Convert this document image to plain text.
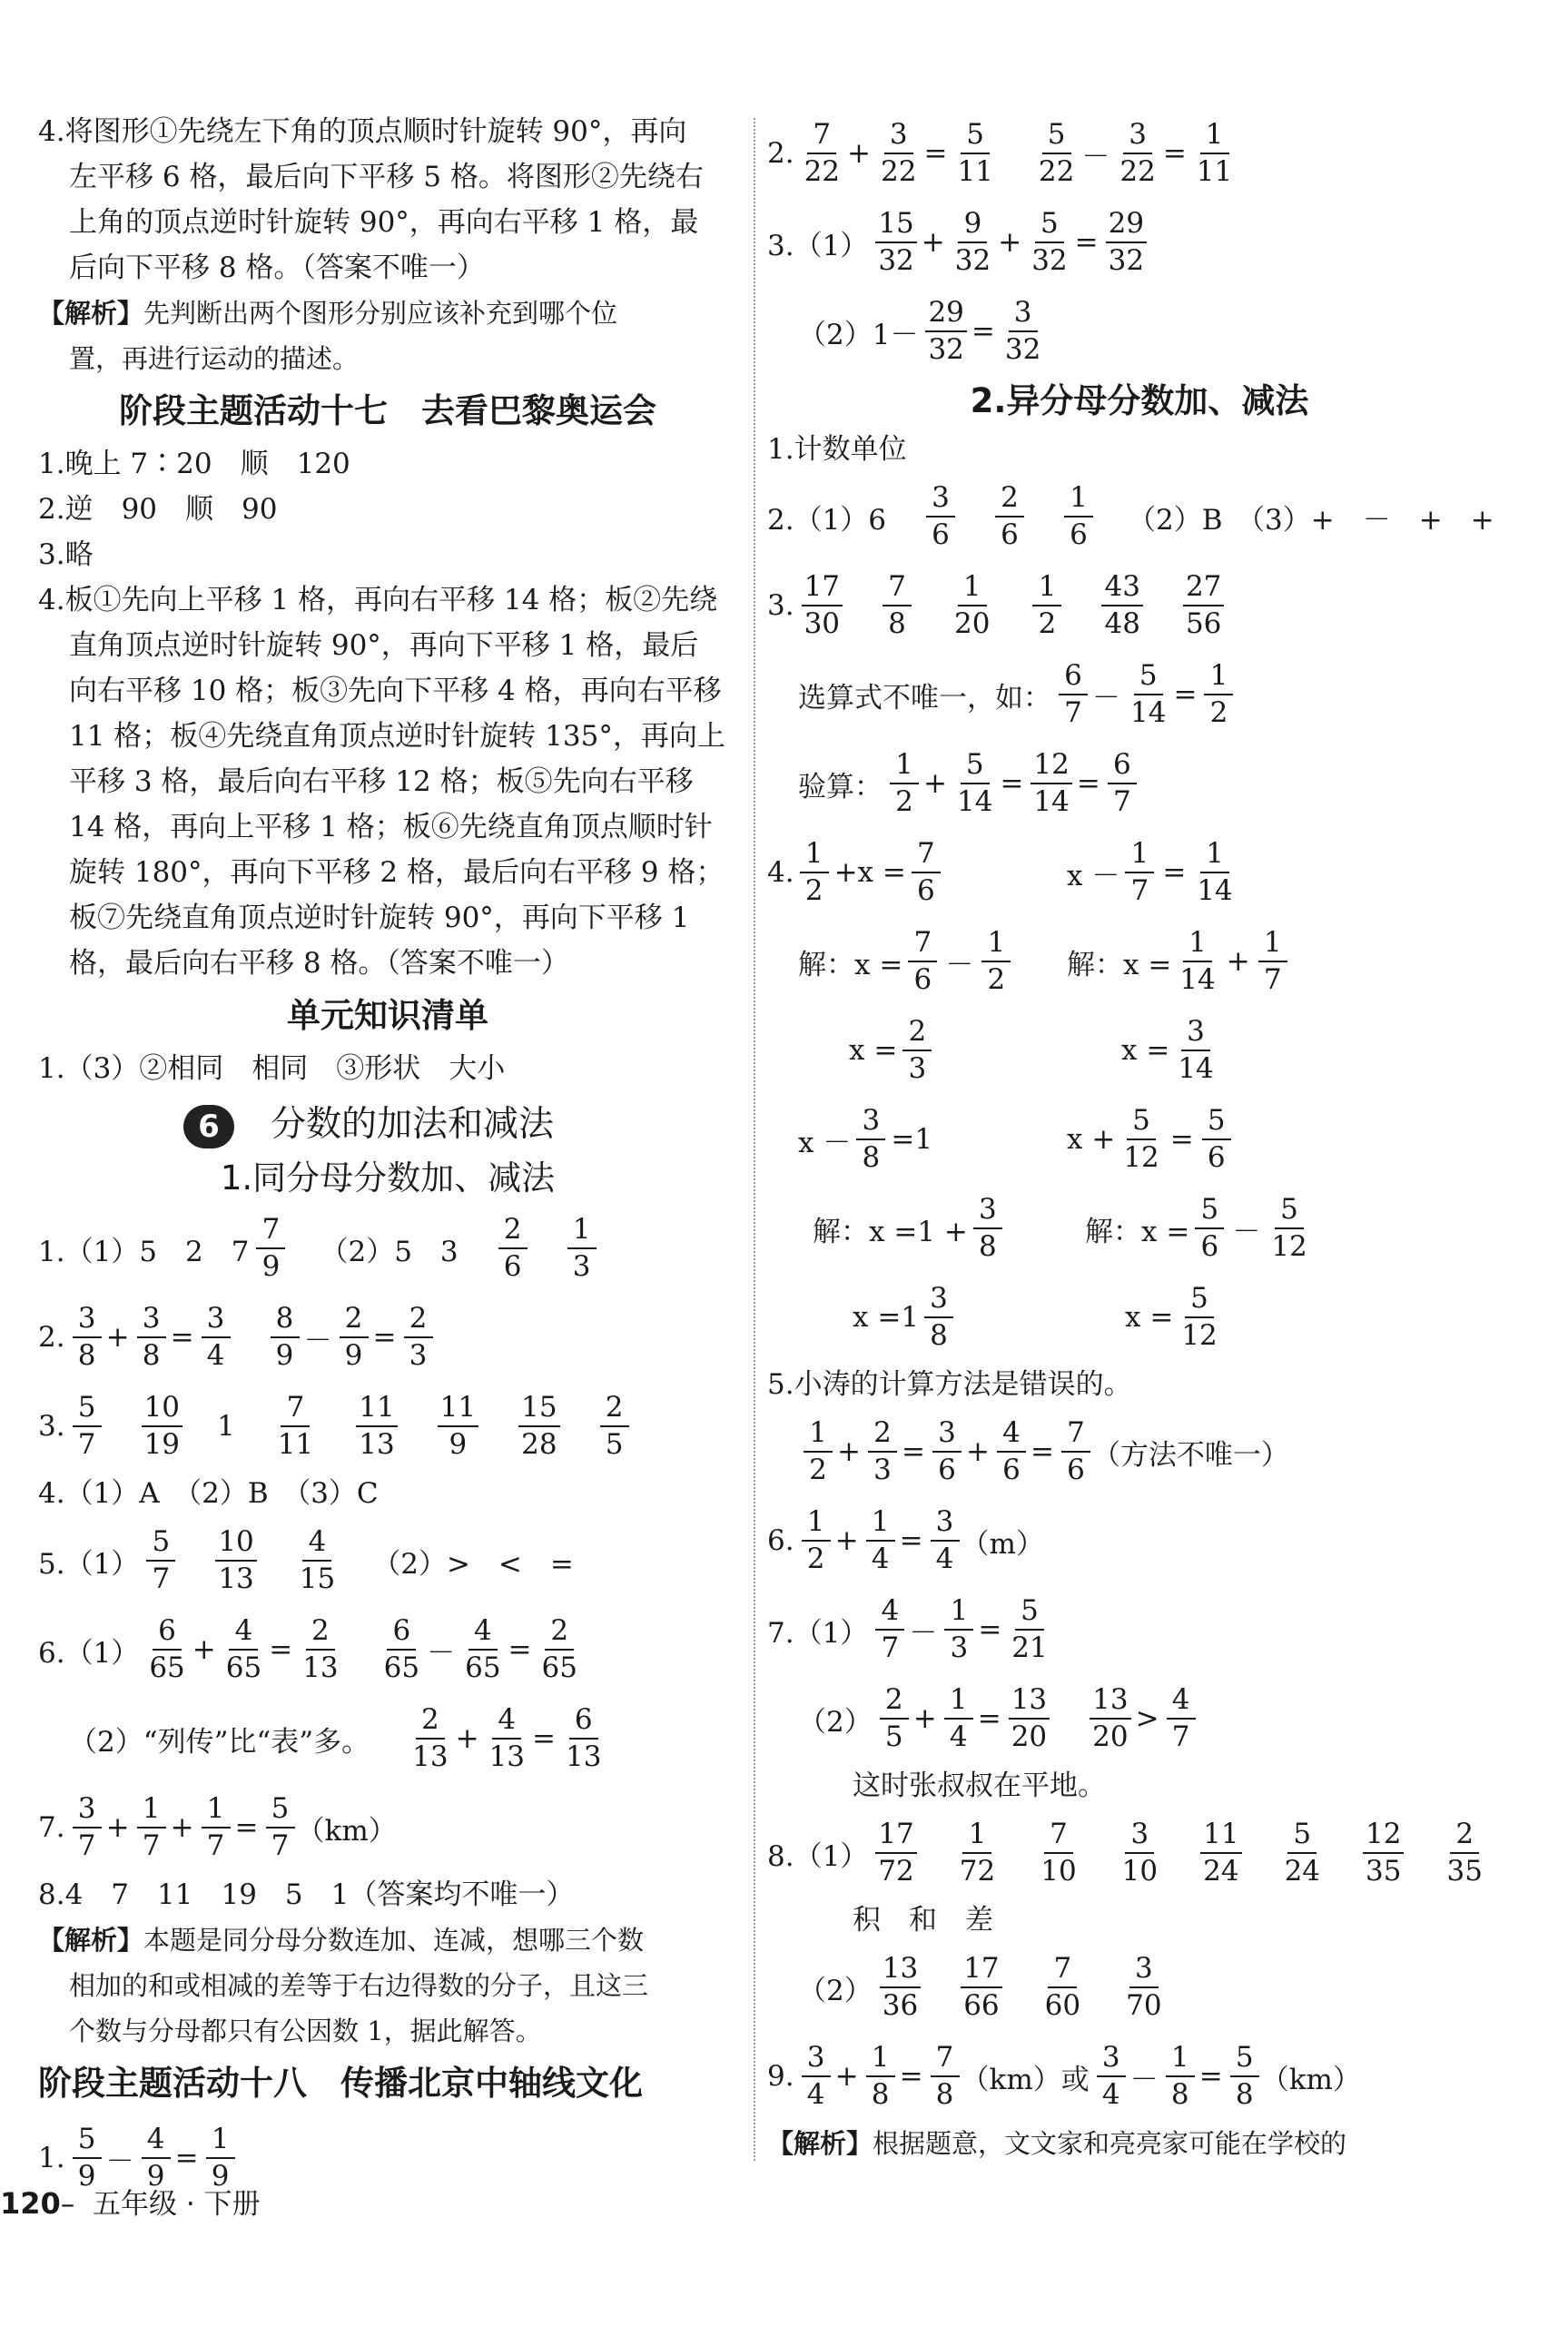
4.将图形①先绕左下角的顶点顺时针旋转 90°，再向
左平移 6 格，最后向下平移 5 格。将图形②先绕右
上角的顶点逆时针旋转 90°，再向右平移 1 格，最
后向下平移 8 格。（答案不唯一）
【解析】先判断出两个图形分别应该补充到哪个位
置，再进行运动的描述。
阶段主题活动十七　去看巴黎奥运会
1.晚上 7∶20　顺　120
2.逆　90　顺　90
3.略
4.板①先向上平移 1 格，再向右平移 14 格；板②先绕
直角顶点逆时针旋转 90°，再向下平移 1 格，最后
向右平移 10 格；板③先向下平移 4 格，再向右平移
11 格；板④先绕直角顶点逆时针旋转 135°，再向上
平移 3 格，最后向右平移 12 格；板⑤先向右平移
14 格，再向上平移 1 格；板⑥先绕直角顶点顺时针
旋转 180°，再向下平移 2 格，最后向右平移 9 格；
板⑦先绕直角顶点逆时针旋转 90°，再向下平移 1
格，最后向右平移 8 格。（答案不唯一）
单元知识清单
1.（3）②相同　相同　③形状　大小
6 分数的加法和减法
1.同分母分数加、减法
1.（1）5　2　$7 \frac{7}{9} (2)5$　$3 \frac{2}{6} \frac{1}{3}$
2. $\frac{3}{8} + \frac{3}{8} = \frac{3}{4} \frac{8}{9} - \frac{2}{9} = \frac{2}{3}$
3. $\frac{5}{7} \frac{10}{19} 1 \frac{7}{11} \frac{11}{13} \frac{11}{9} \frac{15}{28} \frac{2}{5}$
4.（1）A　（2）B　（3）C
$5.(1) \frac{5}{7} \frac{10}{13} \frac{4}{15} (2)>$　<　=
$6.(1) \frac{6}{65} + \frac{4}{65} = \frac{2}{13} \frac{6}{65} - \frac{4}{65} = \frac{2}{65}$
（2）“列传”比“表”多。 $\frac{2}{13} + \frac{4}{13} = \frac{6}{13}$
7. $\frac{3}{7} + \frac{1}{7} + \frac{1}{7} = \frac{5}{7} (km)$
8.4　7　11　19　5　1（答案均不唯一）
【解析】本题是同分母分数连加、连减，想哪三个数
相加的和或相减的差等于右边得数的分子，且这三
个数与分母都只有公因数 1，据此解答。
阶段主题活动十八　传播北京中轴线文化
1. $\frac{5}{9} - \frac{4}{9} = \frac{1}{9}$
2. $\frac{7}{22} + \frac{3}{22} = \frac{5}{11} \frac{5}{22} - \frac{3}{22} = \frac{1}{11}$
$3.(1) \frac{15}{32} + \frac{9}{32} + \frac{5}{32} = \frac{29}{32}$
$(2)1- \frac{29}{32} = \frac{3}{32}$
2.异分母分数加、减法
1.计数单位
$2.(1)6 \frac{3}{6} \frac{2}{6} \frac{1}{6} (2)B$　（3）+　－　+　+
3. $\frac{17}{30} \frac{7}{8} \frac{1}{20} \frac{1}{2} \frac{43}{48} \frac{27}{56}$
选算式不唯一，如： $\frac{6}{7} - \frac{5}{14} = \frac{1}{2}$
验算： $\frac{1}{2} + \frac{5}{14} = \frac{12}{14} = \frac{6}{7}$
4. $\frac{1}{2} +x = \frac{7}{6}$	$x - \frac{1}{7} = \frac{1}{14}$
解：$x = \frac{7}{6} - \frac{1}{2}$ 解：$x = \frac{1}{14} + \frac{1}{7}$
$x = \frac{2}{3}$	$x = \frac{3}{14}$
$x - \frac{3}{8} =1$	$x + \frac{5}{12} = \frac{5}{6}$
解：$x =1 + \frac{3}{8}$	解：$x = \frac{5}{6} - \frac{5}{12}$
$x =1 \frac{3}{8}$	$x = \frac{5}{12}$
5.小涛的计算方法是错误的。
$\frac{1}{2} + \frac{2}{3} = \frac{3}{6} + \frac{4}{6} = \frac{7}{6}$ （方法不唯一）
6. $\frac{1}{2} + \frac{1}{4} = \frac{3}{4} (m)$
$7.(1) \frac{4}{7} - \frac{1}{3} = \frac{5}{21}$
$(2) \frac{2}{5} + \frac{1}{4} = \frac{13}{20} \frac{13}{20} > \frac{4}{7}$
这时张叔叔在平地。
$8.(1) \frac{17}{72} \frac{1}{72} \frac{7}{10} \frac{3}{10} \frac{11}{24} \frac{5}{24} \frac{12}{35} \frac{2}{35}$
积　和　差
$(2) \frac{13}{36} \frac{17}{66} \frac{7}{60} \frac{3}{70}$
9. $\frac{3}{4} + \frac{1}{8} = \frac{7}{8} (km)$或 $\frac{3}{4} - \frac{1}{8} = \frac{5}{8} (km)$
【解析】根据题意，文文家和亮亮家可能在学校的
120–  五年级 · 下册
